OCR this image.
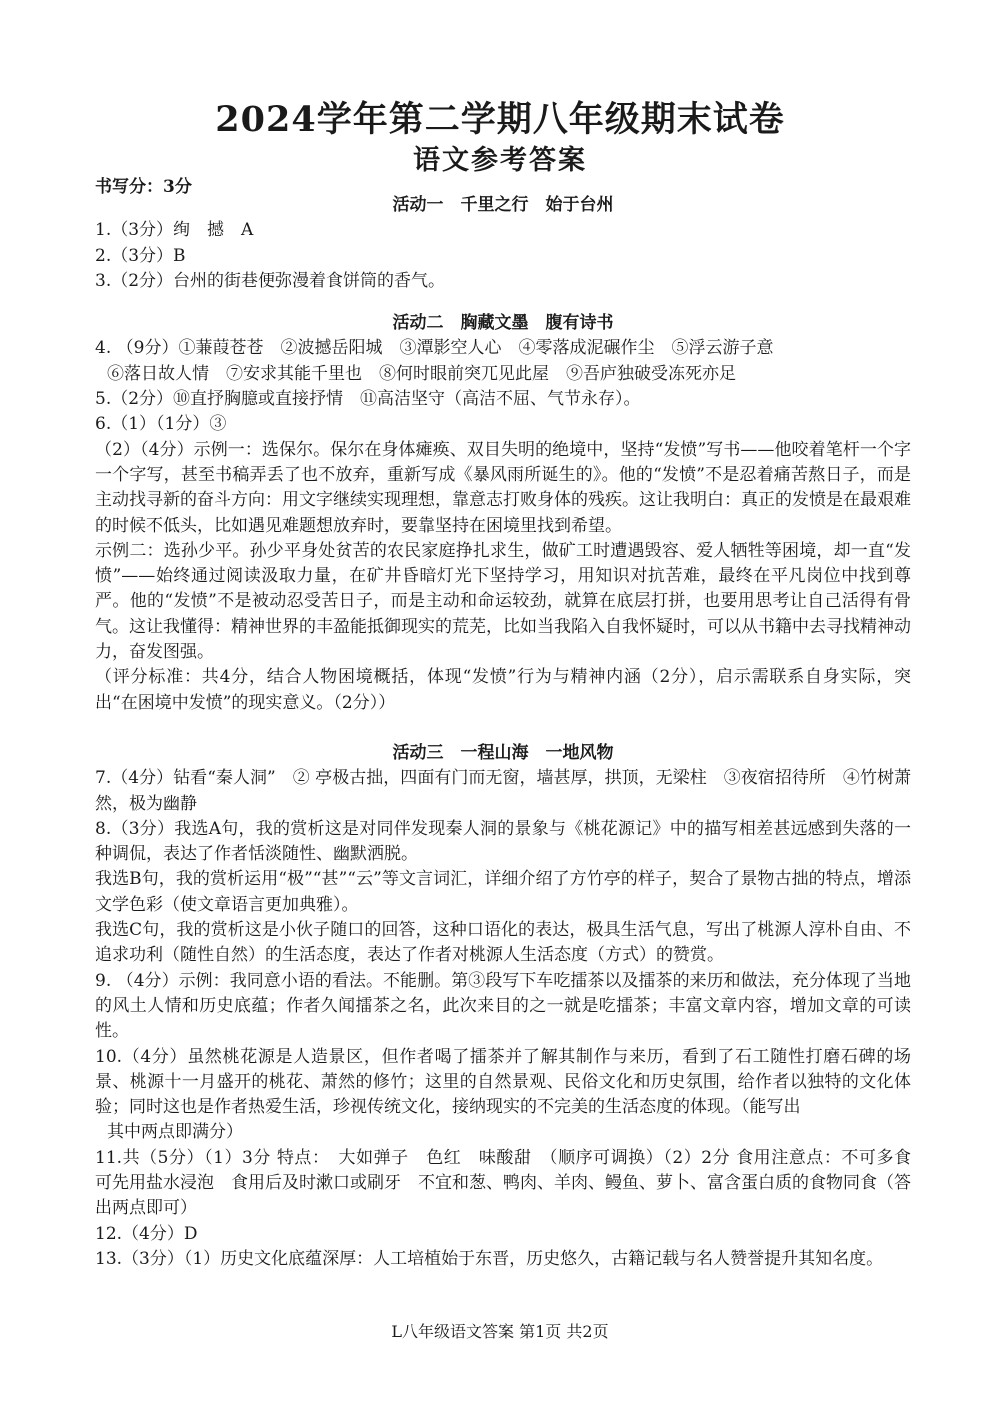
2024学年第二学期八年级期末试卷
语文参考答案
书写分：3分

活动一　千里之行　始于台州

1.（3分）绚　撼　A

2.（3分）B

3.（2分）台州的街巷便弥漫着食饼筒的香气。

活动二　胸藏文墨　腹有诗书

4. （9分）①蒹葭苍苍　②波撼岳阳城　③潭影空人心　④零落成泥碾作尘　⑤浮云游子意

⑥落日故人情　⑦安求其能千里也　⑧何时眼前突兀见此屋　⑨吾庐独破受冻死亦足

5.（2分）⑩直抒胸臆或直接抒情　⑪高洁坚守（高洁不屈、气节永存）。

6.（1）（1分）③

（2）（4分）示例一：选保尔。保尔在身体瘫痪、双目失明的绝境中，坚持“发愤”写书——他咬着笔杆一个字一个字写，甚至书稿弄丢了也不放弃，重新写成《暴风雨所诞生的》。他的“发愤”不是忍着痛苦熬日子，而是主动找寻新的奋斗方向：用文字继续实现理想，靠意志打败身体的残疾。这让我明白：真正的发愤是在最艰难的时候不低头，比如遇见难题想放弃时，要靠坚持在困境里找到希望。

示例二：选孙少平。孙少平身处贫苦的农民家庭挣扎求生，做矿工时遭遇毁容、爱人牺牲等困境，却一直“发愤”——始终通过阅读汲取力量，在矿井昏暗灯光下坚持学习，用知识对抗苦难，最终在平凡岗位中找到尊严。他的“发愤”不是被动忍受苦日子，而是主动和命运较劲，就算在底层打拼，也要用思考让自己活得有骨气。这让我懂得：精神世界的丰盈能抵御现实的荒芜，比如当我陷入自我怀疑时，可以从书籍中去寻找精神动力，奋发图强。

（评分标准：共4分，结合人物困境概括，体现“发愤”行为与精神内涵（2分），启示需联系自身实际，突出“在困境中发愤”的现实意义。（2分））

活动三　一程山海　一地风物

7.（4分）钻看“秦人洞”　② 亭极古拙，四面有门而无窗，墙甚厚，拱顶，无梁柱　③夜宿招待所　④竹树萧然，极为幽静

8.（3分）我选A句，我的赏析这是对同伴发现秦人洞的景象与《桃花源记》中的描写相差甚远感到失落的一种调侃，表达了作者恬淡随性、幽默洒脱。

我选B句，我的赏析运用“极”“甚”“云”等文言词汇，详细介绍了方竹亭的样子，契合了景物古拙的特点，增添文学色彩（使文章语言更加典雅）。

我选C句，我的赏析这是小伙子随口的回答，这种口语化的表达，极具生活气息，写出了桃源人淳朴自由、不追求功利（随性自然）的生活态度，表达了作者对桃源人生活态度（方式）的赞赏。

9. （4分）示例：我同意小语的看法。不能删。第③段写下车吃擂茶以及擂茶的来历和做法，充分体现了当地的风土人情和历史底蕴；作者久闻擂茶之名，此次来目的之一就是吃擂茶；丰富文章内容，增加文章的可读性。

10.（4分）虽然桃花源是人造景区，但作者喝了擂茶并了解其制作与来历，看到了石工随性打磨石碑的场景、桃源十一月盛开的桃花、萧然的修竹；这里的自然景观、民俗文化和历史氛围，给作者以独特的文化体验；同时这也是作者热爱生活，珍视传统文化，接纳现实的不完美的生活态度的体现。（能写出

其中两点即满分）

11.共（5分）（1）3分 特点：　大如弹子　色红　味酸甜　（顺序可调换）（2）2分 食用注意点：不可多食　可先用盐水浸泡　食用后及时漱口或刷牙　不宜和葱、鸭肉、羊肉、鳗鱼、萝卜、富含蛋白质的食物同食（答出两点即可）

12.（4分）D

13.（3分）（1）历史文化底蕴深厚：人工培植始于东晋，历史悠久，古籍记载与名人赞誉提升其知名度。

L八年级语文答案 第1页 共2页
